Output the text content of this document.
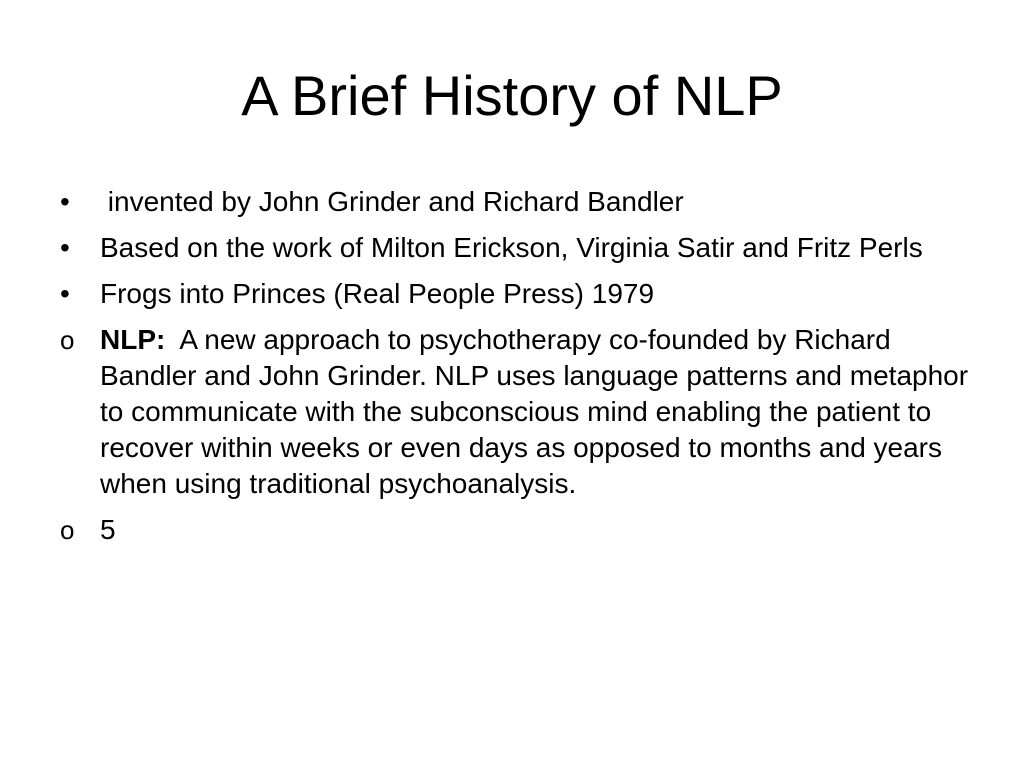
A Brief History of NLP
•	invented by John Grinder and Richard Bandler
•	Based on the work of Milton Erickson, Virginia Satir and Fritz Perls
•	Frogs into Princes (Real People Press) 1979
o NLP:  A new approach to psychotherapy co-founded by Richard Bandler and John Grinder. NLP uses language patterns and metaphor to communicate with the subconscious mind enabling the patient to recover within weeks or even days as opposed to months and years when using traditional psychoanalysis.
o 5
